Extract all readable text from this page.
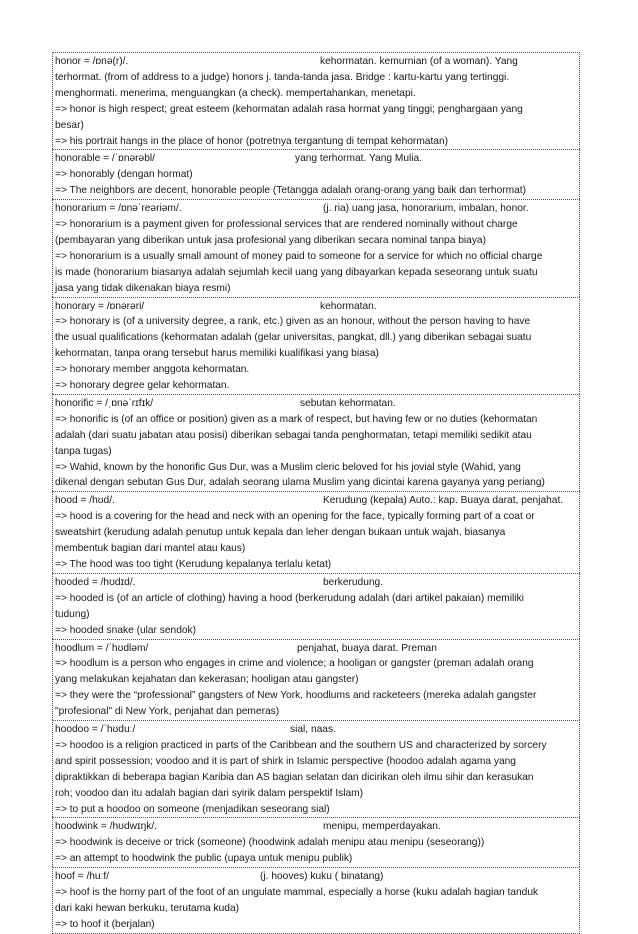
honor = /ɒnə(r)/.	kehormatan. kemurnian (of a woman). Yang
terhormat. (from of address to a judge) honors j. tanda-tanda jasa. Bridge : kartu-kartu yang tertinggi.
menghormati. menerima, menguangkan (a check). mempertahankan, menetapi.
=> honor is high respect; great esteem (kehormatan adalah rasa hormat yang tinggi; penghargaan yang
besar)
=> his portrait hangs in the place of honor (potretnya tergantung di tempat kehormatan)
honorable = /ˈɒnərəbl/	yang terhormat. Yang Mulia.
=> honorably (dengan hormat)
=> The neighbors are decent, honorable people (Tetangga adalah orang-orang yang baik dan terhormat)
honorarium = /ɒnəˈreəriəm/.	(j. ria) uang jasa, honorarium, imbalan, honor.
=> honorarium is a payment given for professional services that are rendered nominally without charge
(pembayaran yang diberikan untuk jasa profesional yang diberikan secara nominal tanpa biaya)
=> honorarium is a usually small amount of money paid to someone for a service for which no official charge
is made (honorarium biasanya adalah sejumlah kecil uang yang dibayarkan kepada seseorang untuk suatu
jasa yang tidak dikenakan biaya resmi)
honorary = /ɒnərəri/	kehormatan.
=> honorary is (of a university degree, a rank, etc.) given as an honour, without the person having to have
the usual qualifications (kehormatan adalah (gelar universitas, pangkat, dll.) yang diberikan sebagai suatu
kehormatan, tanpa orang tersebut harus memiliki kualifikasi yang biasa)
=> honorary member anggota kehormatan.
=> honorary degree gelar kehormatan.
honorific = /ˌɒnəˈrɪfɪk/	sebutan kehormatan.
=> honorific is (of an office or position) given as a mark of respect, but having few or no duties (kehormatan
adalah (dari suatu jabatan atau posisi) diberikan sebagai tanda penghormatan, tetapi memiliki sedikit atau
tanpa tugas)
=> Wahid, known by the honorific Gus Dur, was a Muslim cleric beloved for his jovial style (Wahid, yang
dikenal dengan sebutan Gus Dur, adalah seorang ulama Muslim yang dicintai karena gayanya yang periang)
hood = /hʊd/.	Kerudung (kepala) Auto.: kap. Buaya darat, penjahat.
=> hood is a covering for the head and neck with an opening for the face, typically forming part of a coat or
sweatshirt (kerudung adalah penutup untuk kepala dan leher dengan bukaan untuk wajah, biasanya
membentuk bagian dari mantel atau kaus)
=> The hood was too tight (Kerudung kepalanya terlalu ketat)
hooded = /hʊdɪd/.	berkerudung.
=> hooded is (of an article of clothing) having a hood (berkerudung adalah (dari artikel pakaian) memiliki
tudung)
=> hooded snake (ular sendok)
hoodlum = /ˈhʊdləm/	penjahat, buaya darat. Preman
=> hoodlum is a person who engages in crime and violence; a hooligan or gangster (preman adalah orang
yang melakukan kejahatan dan kekerasan; hooligan atau gangster)
=> they were the “professional” gangsters of New York, hoodlums and racketeers (mereka adalah gangster
"profesional" di New York, penjahat dan pemeras)
hoodoo = /ˈhʊduː/	sial, naas.
=> hoodoo is a religion practiced in parts of the Caribbean and the southern US and characterized by sorcery
and spirit possession; voodoo and it is part of shirk in Islamic perspective (hoodoo adalah agama yang
dipraktikkan di beberapa bagian Karibia dan AS bagian selatan dan dicirikan oleh ilmu sihir dan kerasukan
roh; voodoo dan itu adalah bagian dari syirik dalam perspektif Islam)
=> to put a hoodoo on someone (menjadikan seseorang sial)
hoodwink = /hʊdwɪŋk/.	menipu, memperdayakan.
=> hoodwink is deceive or trick (someone) (hoodwink adalah menipu atau menipu (seseorang))
=> an attempt to hoodwink the public (upaya untuk menipu publik)
hoof = /huːf/	(j. hooves) kuku ( binatang)
=> hoof is the horny part of the foot of an ungulate mammal, especially a horse (kuku adalah bagian tanduk
dari kaki hewan berkuku, terutama kuda)
=> to hoof it (berjalan)
